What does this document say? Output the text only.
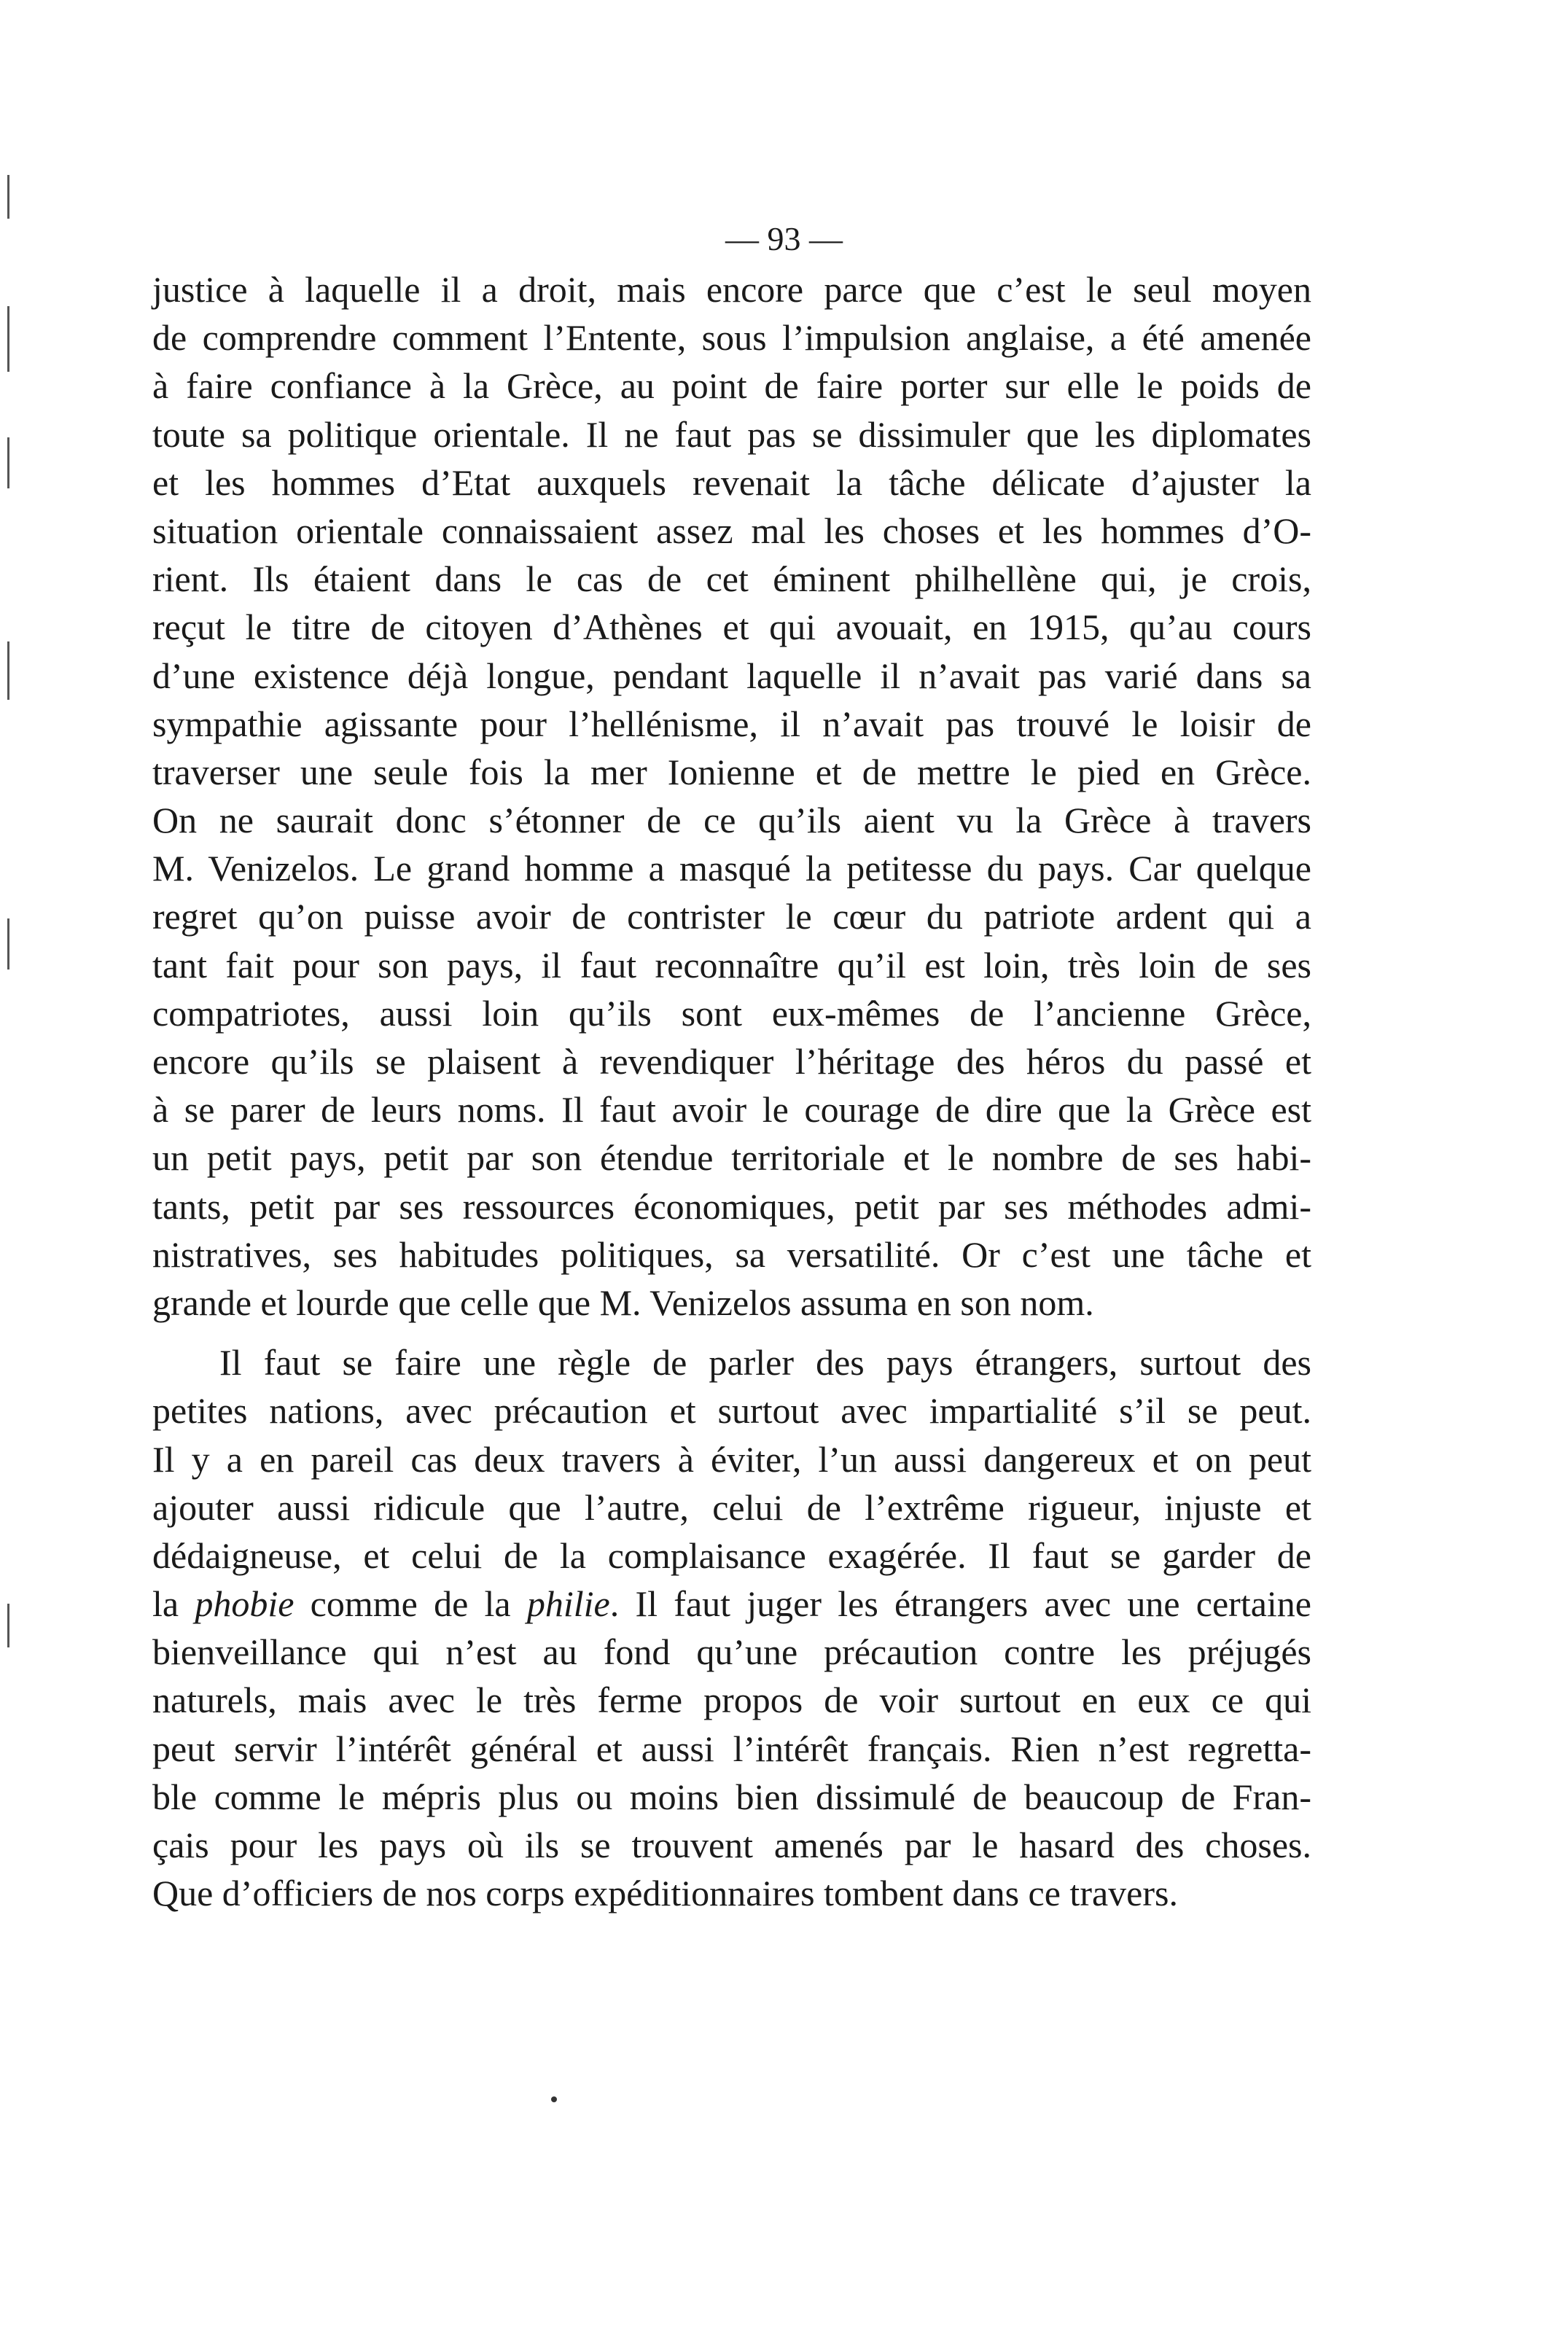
— 93 —
justice à laquelle il a droit, mais encore parce que c’est le seul moyen
de comprendre comment l’Entente, sous l’impulsion anglaise, a été amenée
à faire confiance à la Grèce, au point de faire porter sur elle le poids de
toute sa politique orientale. Il ne faut pas se dissimuler que les diplomates
et les hommes d’Etat auxquels revenait la tâche délicate d’ajuster la
situation orientale connaissaient assez mal les choses et les hommes d’O-
rient. Ils étaient dans le cas de cet éminent philhellène qui, je crois,
reçut le titre de citoyen d’Athènes et qui avouait, en 1915, qu’au cours
d’une existence déjà longue, pendant laquelle il n’avait pas varié dans sa
sympathie agissante pour l’hellénisme, il n’avait pas trouvé le loisir de
traverser une seule fois la mer Ionienne et de mettre le pied en Grèce.
On ne saurait donc s’étonner de ce qu’ils aient vu la Grèce à travers
M. Venizelos. Le grand homme a masqué la petitesse du pays. Car quelque
regret qu’on puisse avoir de contrister le cœur du patriote ardent qui a
tant fait pour son pays, il faut reconnaître qu’il est loin, très loin de ses
compatriotes, aussi loin qu’ils sont eux-mêmes de l’ancienne Grèce,
encore qu’ils se plaisent à revendiquer l’héritage des héros du passé et
à se parer de leurs noms. Il faut avoir le courage de dire que la Grèce est
un petit pays, petit par son étendue territoriale et le nombre de ses habi-
tants, petit par ses ressources économiques, petit par ses méthodes admi-
nistratives, ses habitudes politiques, sa versatilité. Or c’est une tâche et
grande et lourde que celle que M. Venizelos assuma en son nom.
Il faut se faire une règle de parler des pays étrangers, surtout des
petites nations, avec précaution et surtout avec impartialité s’il se peut.
Il y a en pareil cas deux travers à éviter, l’un aussi dangereux et on peut
ajouter aussi ridicule que l’autre, celui de l’extrême rigueur, injuste et
dédaigneuse, et celui de la complaisance exagérée. Il faut se garder de
la phobie comme de la philie. Il faut juger les étrangers avec une certaine
bienveillance qui n’est au fond qu’une précaution contre les préjugés
naturels, mais avec le très ferme propos de voir surtout en eux ce qui
peut servir l’intérêt général et aussi l’intérêt français. Rien n’est regretta-
ble comme le mépris plus ou moins bien dissimulé de beaucoup de Fran-
çais pour les pays où ils se trouvent amenés par le hasard des choses.
Que d’officiers de nos corps expéditionnaires tombent dans ce travers.
